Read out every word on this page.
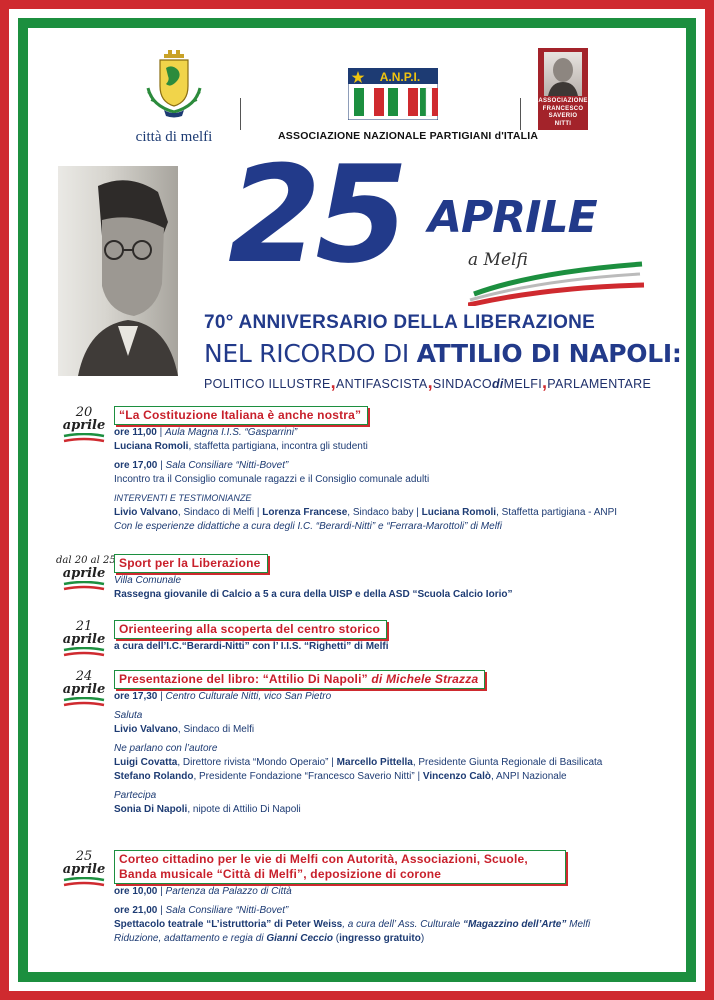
città di melfi
A.N.P.I.
ASSOCIAZIONE NAZIONALE PARTIGIANI d'ITALIA
ASSOCIAZIONE
FRANCESCO
SAVERIO
NITTI
25 APRILE
a Melfi
70° ANNIVERSARIO DELLA LIBERAZIONE
NEL RICORDO DI ATTILIO DI NAPOLI:
POLITICO ILLUSTRE,ANTIFASCISTA,SINDACOdiMELFI,PARLAMENTARE
20
aprile
“La Costituzione Italiana è anche nostra”
ore 11,00 | Aula Magna I.I.S. “Gasparrini”
Luciana Romoli, staffetta partigiana, incontra gli studenti
ore 17,00 | Sala Consiliare “Nitti-Bovet”
Incontro tra il Consiglio comunale ragazzi e il Consiglio comunale adulti
INTERVENTI E TESTIMONIANZE
Livio Valvano, Sindaco di Melfi | Lorenza Francese, Sindaco baby | Luciana Romoli, Staffetta partigiana - ANPI
Con le esperienze didattiche a cura degli I.C. “Berardi-Nitti” e “Ferrara-Marottoli” di Melfi
dal 20 al 25
aprile
Sport per la Liberazione
Villa Comunale
Rassegna giovanile di Calcio a 5 a cura della UISP e della ASD “Scuola Calcio Iorio”
21
aprile
Orienteering alla scoperta del centro storico
a cura dell’I.C.“Berardi-Nitti” con l’ I.I.S. “Righetti” di Melfi
24
aprile
Presentazione del libro: “Attilio Di Napoli” di Michele Strazza
ore 17,30 | Centro Culturale Nitti, vico San Pietro
Saluta
Livio Valvano, Sindaco di Melfi
Ne parlano con l’autore
Luigi Covatta, Direttore rivista “Mondo Operaio” | Marcello Pittella, Presidente Giunta Regionale di Basilicata
Stefano Rolando, Presidente Fondazione “Francesco Saverio Nitti” | Vincenzo Calò, ANPI Nazionale
Partecipa
Sonia Di Napoli, nipote di Attilio Di Napoli
25
aprile
Corteo cittadino per le vie di Melfi con Autorità, Associazioni, Scuole, Banda musicale “Città di Melfi”, deposizione di corone
ore 10,00 | Partenza da Palazzo di Città
ore 21,00 | Sala Consiliare “Nitti-Bovet”
Spettacolo teatrale “L’istruttoria” di Peter Weiss, a cura dell’ Ass. Culturale “Magazzino dell’Arte” Melfi
Riduzione, adattamento e regia di Gianni Ceccio (ingresso gratuito)
